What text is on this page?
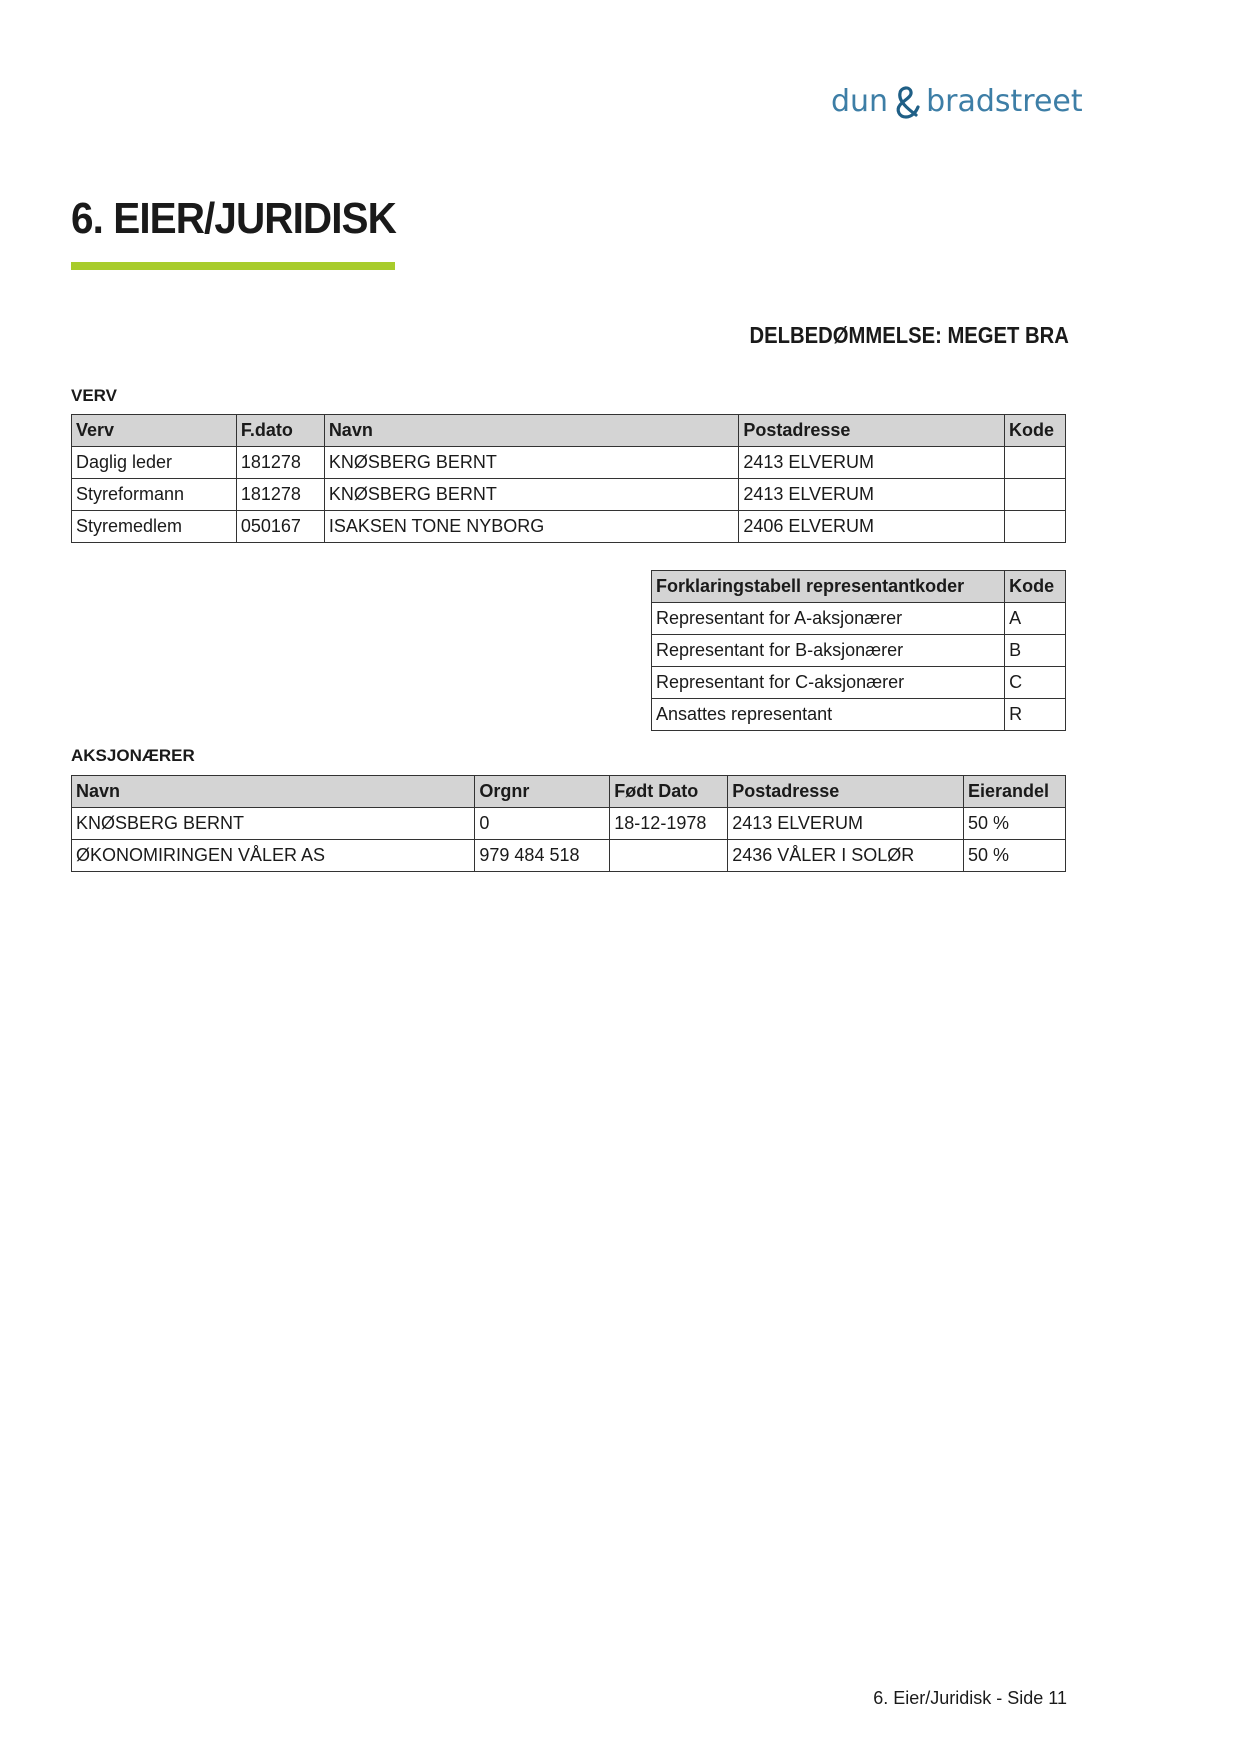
dun bradstreet
6. EIER/JURIDISK
DELBEDØMMELSE: MEGET BRA
VERV
Verv	F.dato	Navn	Postadresse	Kode
Daglig leder	181278	KNØSBERG BERNT	2413 ELVERUM	
Styreformann	181278	KNØSBERG BERNT	2413 ELVERUM	
Styremedlem	050167	ISAKSEN TONE NYBORG	2406 ELVERUM	
Forklaringstabell representantkoder	Kode
Representant for A-aksjonærer	A
Representant for B-aksjonærer	B
Representant for C-aksjonærer	C
Ansattes representant	R
AKSJONÆRER
Navn	Orgnr	Født Dato	Postadresse	Eierandel
KNØSBERG BERNT	0	18-12-1978	2413 ELVERUM	50 %
ØKONOMIRINGEN VÅLER AS	979 484 518		2436 VÅLER I SOLØR	50 %
6. Eier/Juridisk - Side 11
